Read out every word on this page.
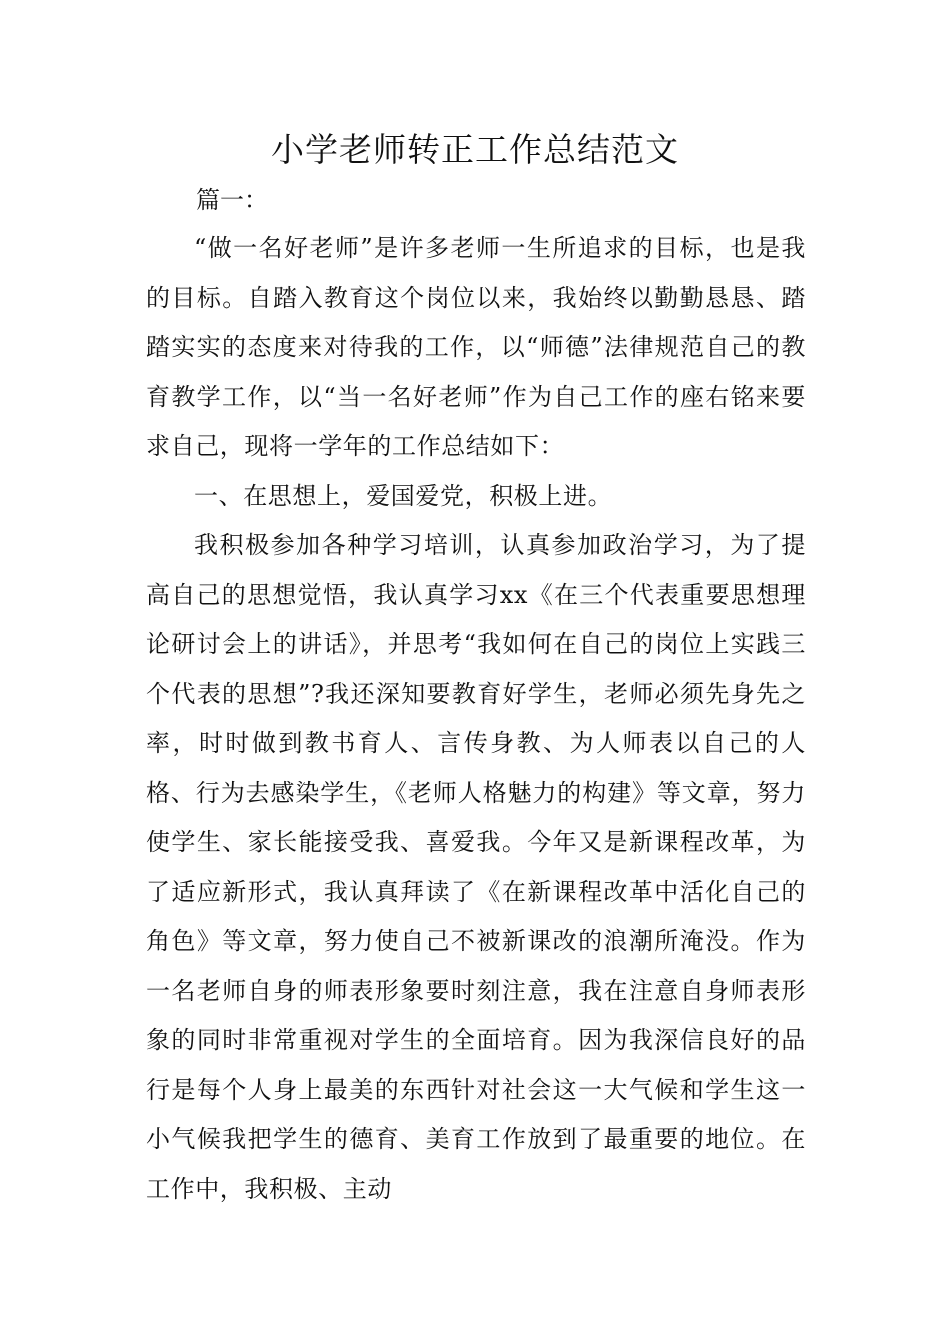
小学老师转正工作总结范文
篇一：

“做一名好老师”是许多老师一生所追求的目标，也是我的目标。自踏入教育这个岗位以来，我始终以勤勤恳恳、踏踏实实的态度来对待我的工作，以“师德”法律规范自己的教育教学工作，以“当一名好老师”作为自己工作的座右铭来要求自己，现将一学年的工作总结如下：

一、在思想上，爱国爱党，积极上进。

我积极参加各种学习培训，认真参加政治学习，为了提高自己的思想觉悟，我认真学习xx《在三个代表重要思想理论研讨会上的讲话》，并思考“我如何在自己的岗位上实践三个代表的思想”?我还深知要教育好学生，老师必须先身先之率，时时做到教书育人、言传身教、为人师表以自己的人格、行为去感染学生，《老师人格魅力的构建》等文章，努力使学生、家长能接受我、喜爱我。今年又是新课程改革，为了适应新形式，我认真拜读了《在新课程改革中活化自己的角色》等文章，努力使自己不被新课改的浪潮所淹没。作为一名老师自身的师表形象要时刻注意，我在注意自身师表形象的同时非常重视对学生的全面培育。因为我深信良好的品行是每个人身上最美的东西针对社会这一大气候和学生这一小气候我把学生的德育、美育工作放到了最重要的地位。在工作中，我积极、主动
